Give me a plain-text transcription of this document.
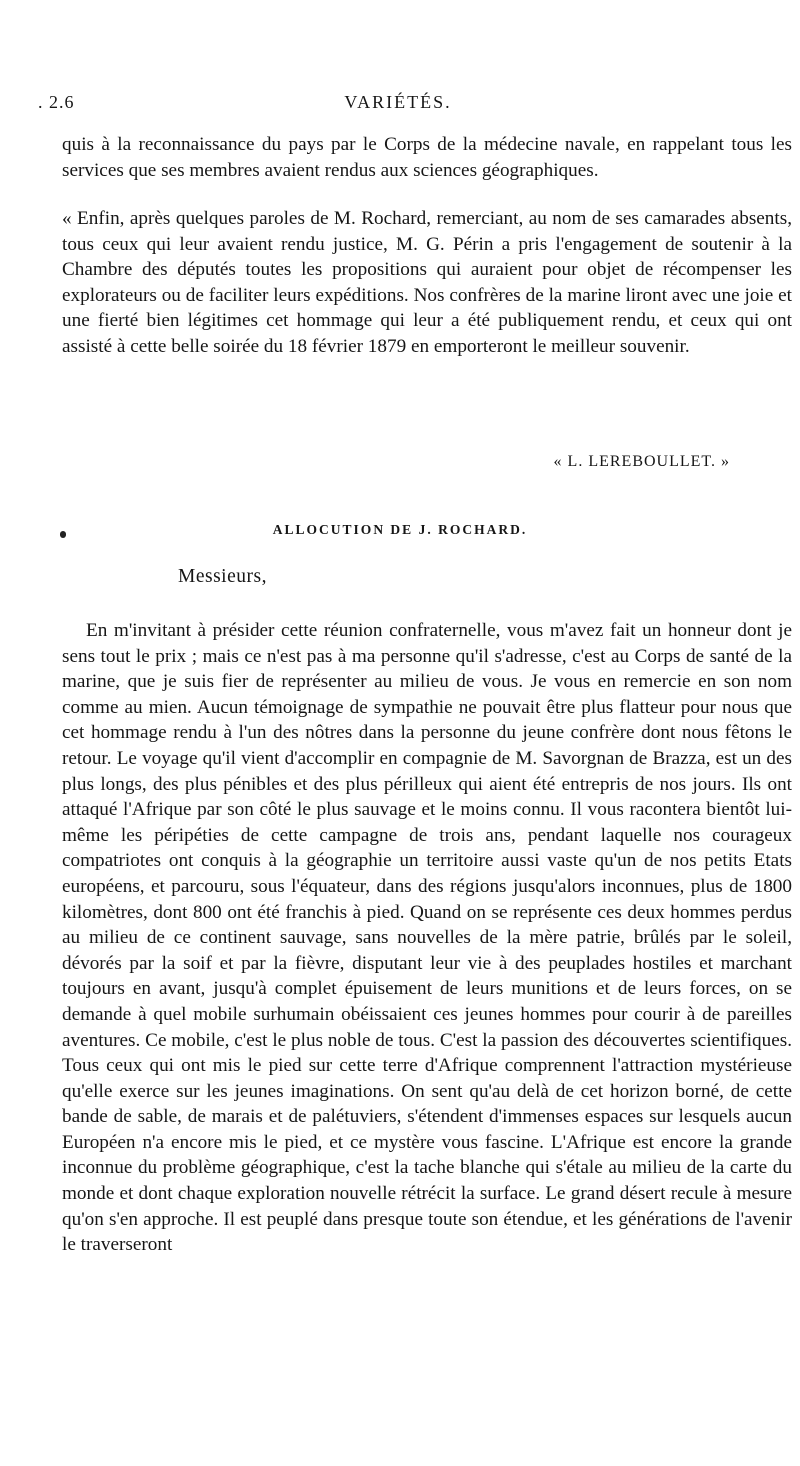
. 2.6	VARIÉTÉS.

quis à la reconnaissance du pays par le Corps de la médecine navale, en rappelant tous les services que ses membres avaient rendus aux sciences géographiques.

« Enfin, après quelques paroles de M. Rochard, remerciant, au nom de ses camarades absents, tous ceux qui leur avaient rendu justice, M. G. Périn a pris l'engagement de soutenir à la Chambre des députés toutes les propositions qui auraient pour objet de récompenser les explorateurs ou de faciliter leurs expéditions. Nos confrères de la marine liront avec une joie et une fierté bien légitimes cet hommage qui leur a été publiquement rendu, et ceux qui ont assisté à cette belle soirée du 18 février 1879 en emporteront le meilleur souvenir.

« L. LEREBOULLET. »
ALLOCUTION DE J. ROCHARD.
Messieurs,

En m'invitant à présider cette réunion confraternelle, vous m'avez fait un honneur dont je sens tout le prix ; mais ce n'est pas à ma personne qu'il s'adresse, c'est au Corps de santé de la marine, que je suis fier de représenter au milieu de vous. Je vous en remercie en son nom comme au mien. Aucun témoignage de sympathie ne pouvait être plus flatteur pour nous que cet hommage rendu à l'un des nôtres dans la personne du jeune confrère dont nous fêtons le retour. Le voyage qu'il vient d'accomplir en compagnie de M. Savorgnan de Brazza, est un des plus longs, des plus pénibles et des plus périlleux qui aient été entrepris de nos jours. Ils ont attaqué l'Afrique par son côté le plus sauvage et le moins connu. Il vous racontera bientôt lui-même les péripéties de cette campagne de trois ans, pendant laquelle nos courageux compatriotes ont conquis à la géographie un territoire aussi vaste qu'un de nos petits Etats européens, et parcouru, sous l'équateur, dans des régions jusqu'alors inconnues, plus de 1800 kilomètres, dont 800 ont été franchis à pied. Quand on se représente ces deux hommes perdus au milieu de ce continent sauvage, sans nouvelles de la mère patrie, brûlés par le soleil, dévorés par la soif et par la fièvre, disputant leur vie à des peuplades hostiles et marchant toujours en avant, jusqu'à complet épuisement de leurs munitions et de leurs forces, on se demande à quel mobile surhumain obéissaient ces jeunes hommes pour courir à de pareilles aventures. Ce mobile, c'est le plus noble de tous. C'est la passion des découvertes scientifiques. Tous ceux qui ont mis le pied sur cette terre d'Afrique comprennent l'attraction mystérieuse qu'elle exerce sur les jeunes imaginations. On sent qu'au delà de cet horizon borné, de cette bande de sable, de marais et de palétuviers, s'étendent d'immenses espaces sur lesquels aucun Européen n'a encore mis le pied, et ce mystère vous fascine. L'Afrique est encore la grande inconnue du problème géographique, c'est la tache blanche qui s'étale au milieu de la carte du monde et dont chaque exploration nouvelle rétrécit la surface. Le grand désert recule à mesure qu'on s'en approche. Il est peuplé dans presque toute son étendue, et les générations de l'avenir le traverseront
